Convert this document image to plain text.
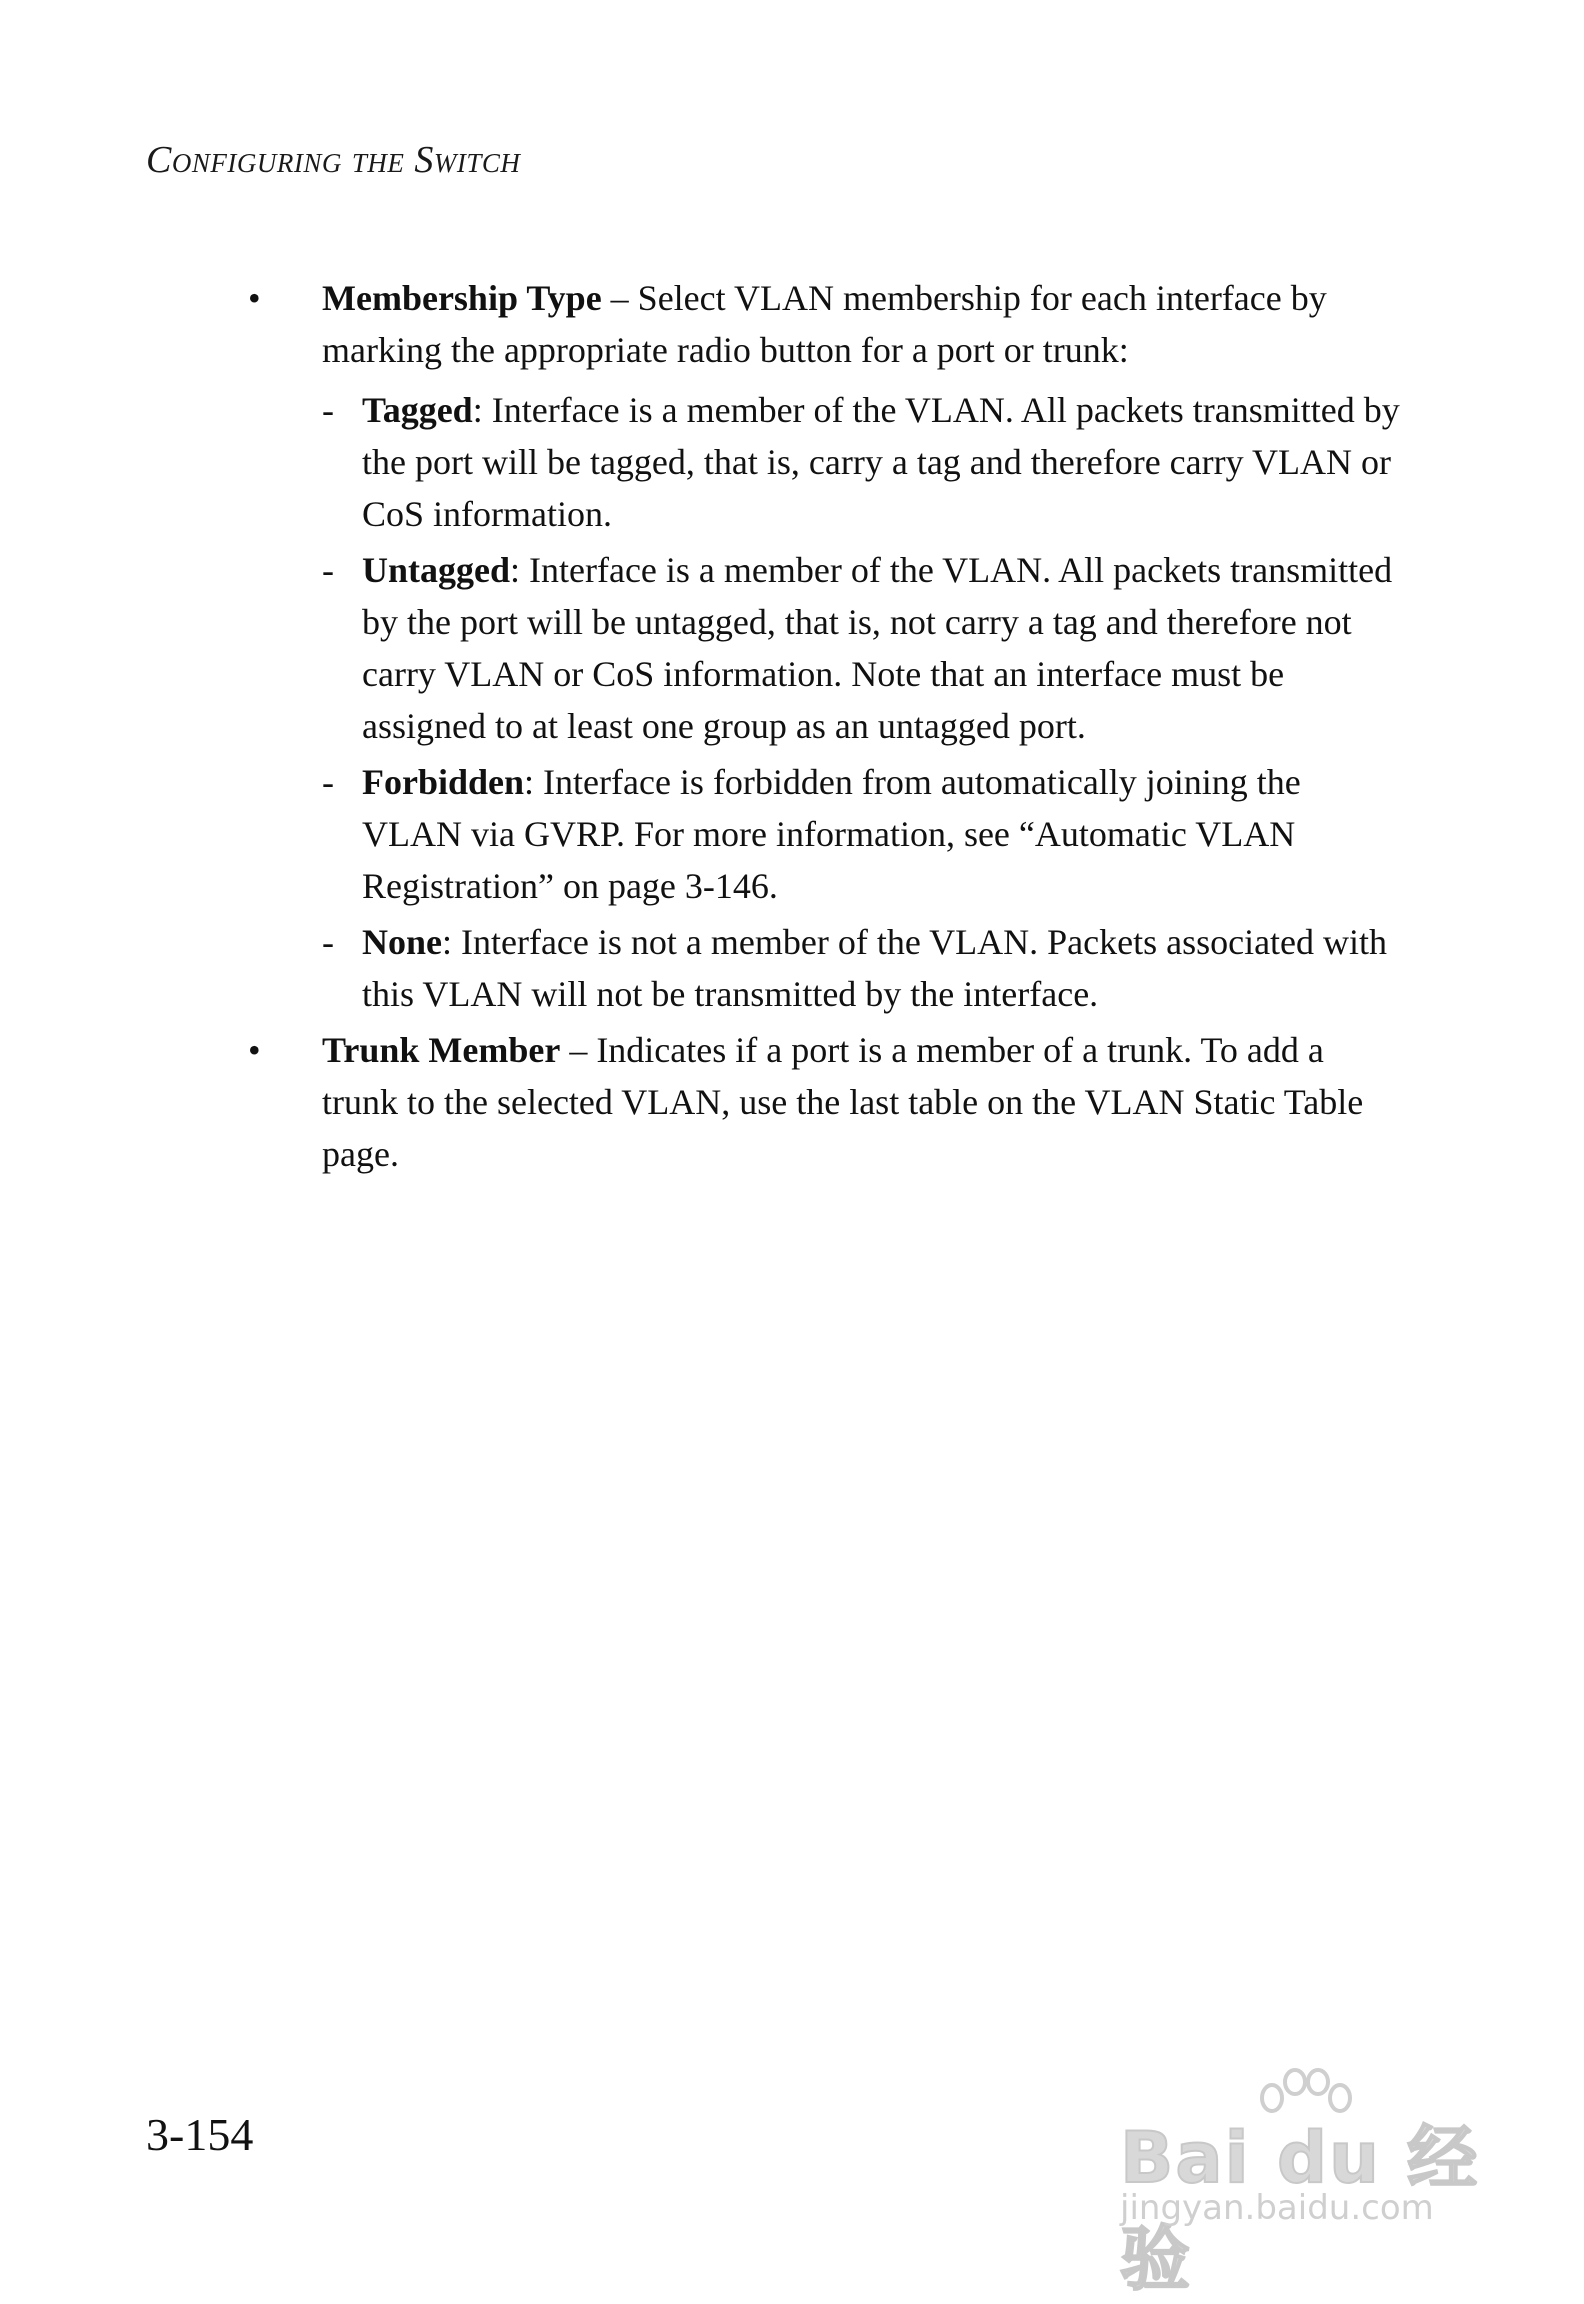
Configuring the Switch
•	Membership Type – Select VLAN membership for each interface by marking the appropriate radio button for a port or trunk:
- Tagged: Interface is a member of the VLAN. All packets transmitted by the port will be tagged, that is, carry a tag and therefore carry VLAN or CoS information.
- Untagged: Interface is a member of the VLAN. All packets transmitted by the port will be untagged, that is, not carry a tag and therefore not carry VLAN or CoS information. Note that an interface must be assigned to at least one group as an untagged port.
- Forbidden: Interface is forbidden from automatically joining the VLAN via GVRP. For more information, see “Automatic VLAN Registration” on page 3-146.
- None: Interface is not a member of the VLAN. Packets associated with this VLAN will not be transmitted by the interface.
•	Trunk Member – Indicates if a port is a member of a trunk. To add a trunk to the selected VLAN, use the last table on the VLAN Static Table page.
3-154	Bai du 经验
jingyan.baidu.com
